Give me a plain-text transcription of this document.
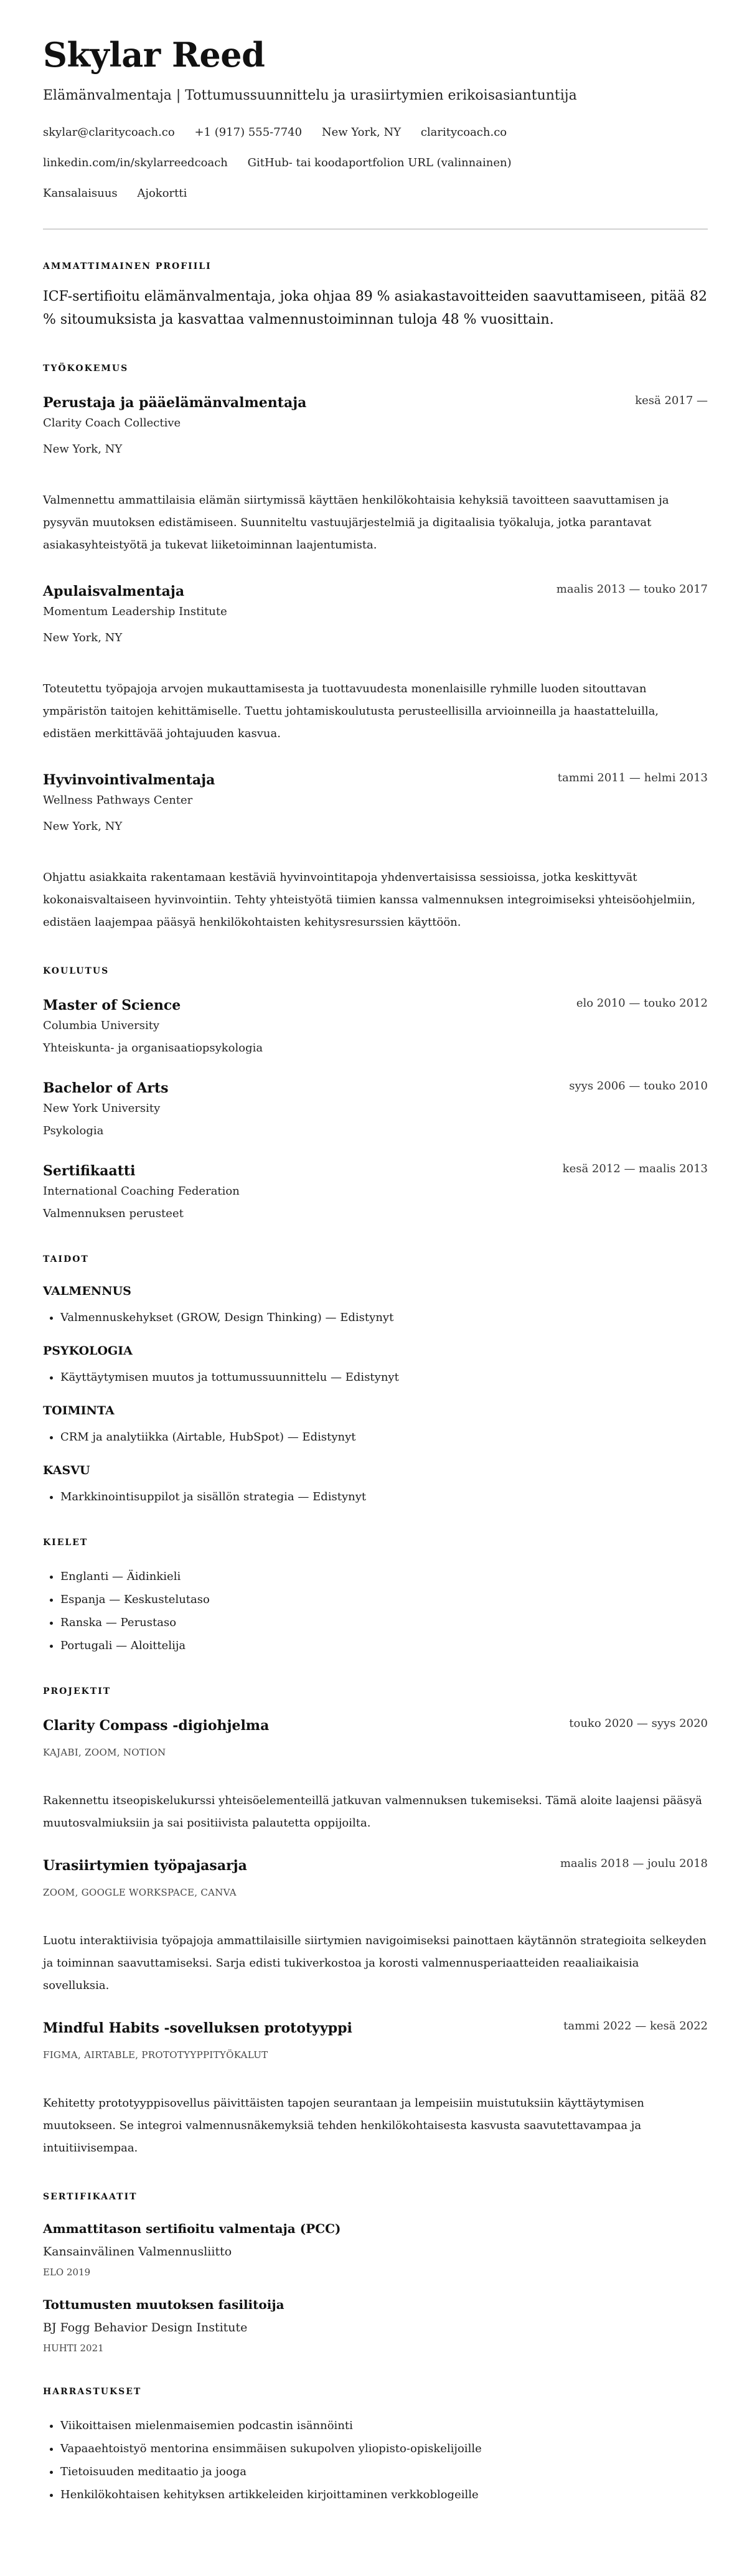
Skylar Reed
Elämänvalmentaja | Tottumussuunnittelu ja urasiirtymien erikoisasiantuntija
skylar@claritycoach.co +1 (917) 555-7740 New York, NY claritycoach.co
linkedin.com/in/skylarreedcoach GitHub- tai koodaportfolion URL (valinnainen)
Kansalaisuus Ajokortti
AMMATTIMAINEN PROFIILI

ICF-sertifioitu elämänvalmentaja, joka ohjaa 89 % asiakastavoitteiden saavuttamiseen, pitää 82 % sitoumuksista ja kasvattaa valmennustoiminnan tuloja 48 % vuosittain.

TYÖKOKEMUS
Perustaja ja pääelämänvalmentaja	kesä 2017 —
Clarity Coach Collective
New York, NY
Valmennettu ammattilaisia elämän siirtymissä käyttäen henkilökohtaisia kehyksiä tavoitteen saavuttamisen ja pysyvän muutoksen edistämiseen. Suunniteltu vastuujärjestelmiä ja digitaalisia työkaluja, jotka parantavat asiakasyhteistyötä ja tukevat liiketoiminnan laajentumista.
Apulaisvalmentaja	maalis 2013 — touko 2017
Momentum Leadership Institute
New York, NY
Toteutettu työpajoja arvojen mukauttamisesta ja tuottavuudesta monenlaisille ryhmille luoden sitouttavan ympäristön taitojen kehittämiselle. Tuettu johtamiskoulutusta perusteellisilla arvioinneilla ja haastatteluilla, edistäen merkittävää johtajuuden kasvua.
Hyvinvointivalmentaja	tammi 2011 — helmi 2013
Wellness Pathways Center
New York, NY
Ohjattu asiakkaita rakentamaan kestäviä hyvinvointitapoja yhdenvertaisissa sessioissa, jotka keskittyvät kokonaisvaltaiseen hyvinvointiin. Tehty yhteistyötä tiimien kanssa valmennuksen integroimiseksi yhteisöohjelmiin, edistäen laajempaa pääsyä henkilökohtaisten kehitysresurssien käyttöön.
KOULUTUS
Master of Science	elo 2010 — touko 2012
Columbia University
Yhteiskunta- ja organisaatiopsykologia
Bachelor of Arts	syys 2006 — touko 2010
New York University
Psykologia
Sertifikaatti	kesä 2012 — maalis 2013
International Coaching Federation
Valmennuksen perusteet
TAIDOT
VALMENNUS
• Valmennuskehykset (GROW, Design Thinking) — Edistynyt
PSYKOLOGIA
• Käyttäytymisen muutos ja tottumussuunnittelu — Edistynyt
TOIMINTA
• CRM ja analytiikka (Airtable, HubSpot) — Edistynyt
KASVU
• Markkinointisuppilot ja sisällön strategia — Edistynyt
KIELET
• Englanti — Äidinkieli
• Espanja — Keskustelutaso
• Ranska — Perustaso
• Portugali — Aloittelija
PROJEKTIT
Clarity Compass -digiohjelma	touko 2020 — syys 2020
KAJABI, ZOOM, NOTION
Rakennettu itseopiskelukurssi yhteisöelementeillä jatkuvan valmennuksen tukemiseksi. Tämä aloite laajensi pääsyä muutosvalmiuksiin ja sai positiivista palautetta oppijoilta.
Urasiirtymien työpajasarja	maalis 2018 — joulu 2018
ZOOM, GOOGLE WORKSPACE, CANVA
Luotu interaktiivisia työpajoja ammattilaisille siirtymien navigoimiseksi painottaen käytännön strategioita selkeyden ja toiminnan saavuttamiseksi. Sarja edisti tukiverkostoa ja korosti valmennusperiaatteiden reaaliaikaisia sovelluksia.
Mindful Habits -sovelluksen prototyyppi	tammi 2022 — kesä 2022
FIGMA, AIRTABLE, PROTOTYYPPITYÖKALUT
Kehitetty prototyyppisovellus päivittäisten tapojen seurantaan ja lempeisiin muistutuksiin käyttäytymisen muutokseen. Se integroi valmennusnäkemyksiä tehden henkilökohtaisesta kasvusta saavutettavampaa ja intuitiivisempaa.
SERTIFIKAATIT
Ammattitason sertifioitu valmentaja (PCC)
Kansainvälinen Valmennusliitto
ELO 2019
Tottumusten muutoksen fasilitoija
BJ Fogg Behavior Design Institute
HUHTI 2021
HARRASTUKSET
• Viikoittaisen mielenmaisemien podcastin isännöinti
• Vapaaehtoistyö mentorina ensimmäisen sukupolven yliopisto-opiskelijoille
• Tietoisuuden meditaatio ja jooga
• Henkilökohtaisen kehityksen artikkeleiden kirjoittaminen verkkoblogeille
